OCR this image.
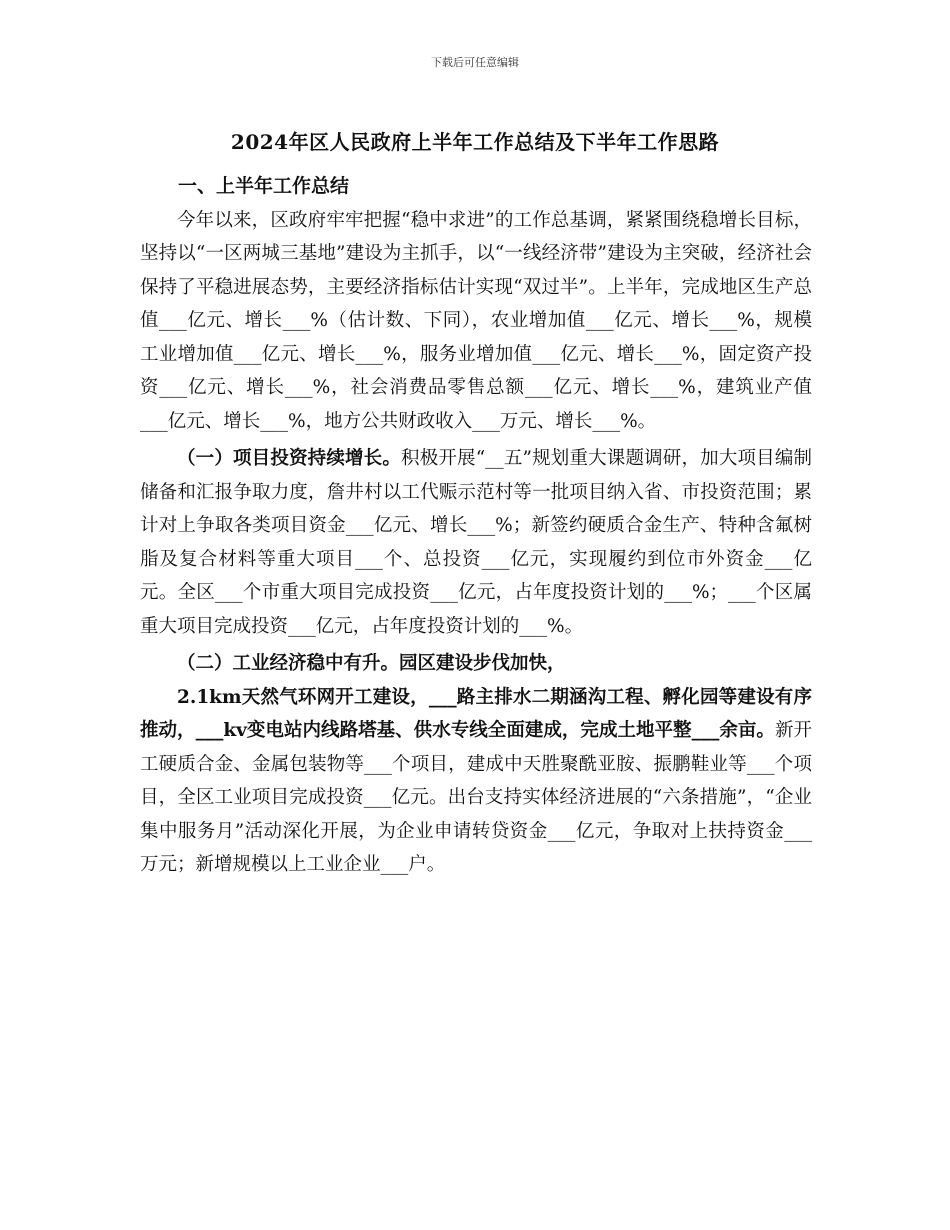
下载后可任意编辑
2024年区人民政府上半年工作总结及下半年工作思路
一、上半年工作总结

今年以来，区政府牢牢把握“稳中求进”的工作总基调，紧紧围绕稳增长目标，坚持以“一区两城三基地”建设为主抓手，以“一线经济带”建设为主突破，经济社会保持了平稳进展态势，主要经济指标估计实现“双过半”。上半年，完成地区生产总值___亿元、增长___%（估计数、下同），农业增加值___亿元、增长___%，规模工业增加值___亿元、增长___%，服务业增加值___亿元、增长___%，固定资产投资___亿元、增长___%，社会消费品零售总额___亿元、增长___%，建筑业产值___亿元、增长___%，地方公共财政收入___万元、增长___%。

（一）项目投资持续增长。积极开展“__五”规划重大课题调研，加大项目编制储备和汇报争取力度，詹井村以工代赈示范村等一批项目纳入省、市投资范围；累计对上争取各类项目资金___亿元、增长___%；新签约硬质合金生产、特种含氟树脂及复合材料等重大项目___个、总投资___亿元，实现履约到位市外资金___亿元。全区___个市重大项目完成投资___亿元，占年度投资计划的___%；___个区属重大项目完成投资___亿元，占年度投资计划的___%。

（二）工业经济稳中有升。园区建设步伐加快，

2.1km天然气环网开工建设，___路主排水二期涵沟工程、孵化园等建设有序推动，___kv变电站内线路塔基、供水专线全面建成，完成土地平整___余亩。新开工硬质合金、金属包装物等___个项目，建成中天胜聚酰亚胺、振鹏鞋业等___个项目，全区工业项目完成投资___亿元。出台支持实体经济进展的“六条措施”，“企业集中服务月”活动深化开展，为企业申请转贷资金___亿元，争取对上扶持资金___万元；新增规模以上工业企业___户。
